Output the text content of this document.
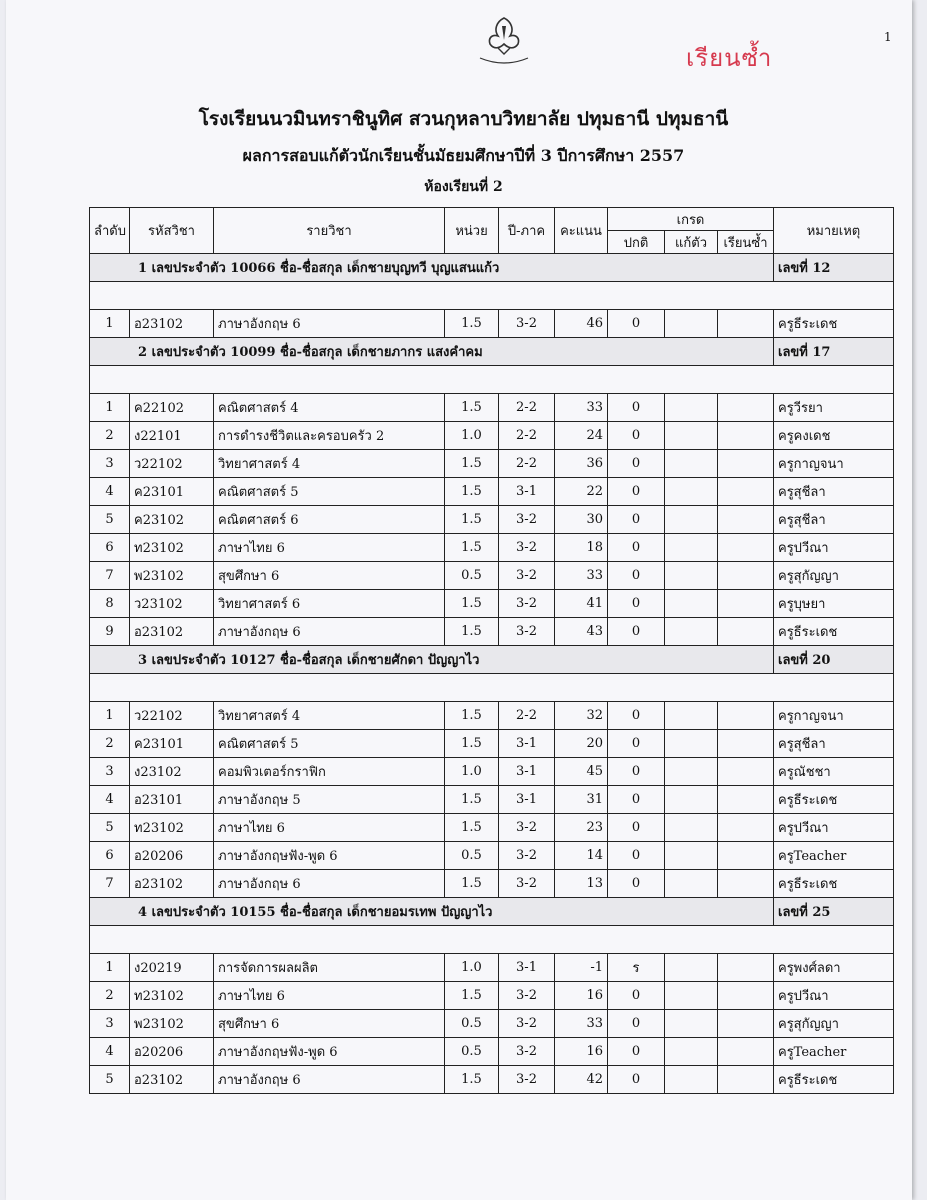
1
เรียนซ้ำ
โรงเรียนนวมินทราชินูทิศ สวนกุหลาบวิทยาลัย ปทุมธานี ปทุมธานี
ผลการสอบแก้ตัวนักเรียนชั้นมัธยมศึกษาปีที่ 3 ปีการศึกษา 2557
ห้องเรียนที่ 2
ลำดับ	รหัสวิชา	รายวิชา	หน่วย	ปี-ภาค	คะแนน	เกรด			หมายเหตุ
						ปกติ	แก้ตัว	เรียนซ้ำ	
1 เลขประจำตัว 10066 ชื่อ-ชื่อสกุล เด็กชายบุญทวี บุญแสนแก้ว									เลขที่ 12

1	อ23102	ภาษาอังกฤษ 6	1.5	3-2	46	0			ครูธีระเดช
2 เลขประจำตัว 10099 ชื่อ-ชื่อสกุล เด็กชายภากร แสงคำคม									เลขที่ 17

1	ค22102	คณิตศาสตร์ 4	1.5	2-2	33	0			ครูวีรยา
2	ง22101	การดำรงชีวิตและครอบครัว 2	1.0	2-2	24	0			ครูคงเดช
3	ว22102	วิทยาศาสตร์ 4	1.5	2-2	36	0			ครูกาญจนา
4	ค23101	คณิตศาสตร์ 5	1.5	3-1	22	0			ครูสุชีลา
5	ค23102	คณิตศาสตร์ 6	1.5	3-2	30	0			ครูสุชีลา
6	ท23102	ภาษาไทย 6	1.5	3-2	18	0			ครูปวีณา
7	พ23102	สุขศึกษา 6	0.5	3-2	33	0			ครูสุกัญญา
8	ว23102	วิทยาศาสตร์ 6	1.5	3-2	41	0			ครูบุษยา
9	อ23102	ภาษาอังกฤษ 6	1.5	3-2	43	0			ครูธีระเดช
3 เลขประจำตัว 10127 ชื่อ-ชื่อสกุล เด็กชายศักดา ปัญญาไว									เลขที่ 20

1	ว22102	วิทยาศาสตร์ 4	1.5	2-2	32	0			ครูกาญจนา
2	ค23101	คณิตศาสตร์ 5	1.5	3-1	20	0			ครูสุชีลา
3	ง23102	คอมพิวเตอร์กราฟิก	1.0	3-1	45	0			ครูณัชชา
4	อ23101	ภาษาอังกฤษ 5	1.5	3-1	31	0			ครูธีระเดช
5	ท23102	ภาษาไทย 6	1.5	3-2	23	0			ครูปวีณา
6	อ20206	ภาษาอังกฤษฟัง-พูด 6	0.5	3-2	14	0			ครูTeacher
7	อ23102	ภาษาอังกฤษ 6	1.5	3-2	13	0			ครูธีระเดช
4 เลขประจำตัว 10155 ชื่อ-ชื่อสกุล เด็กชายอมรเทพ ปัญญาไว									เลขที่ 25

1	ง20219	การจัดการผลผลิต	1.0	3-1	-1	ร			ครูพงศ์ลดา
2	ท23102	ภาษาไทย 6	1.5	3-2	16	0			ครูปวีณา
3	พ23102	สุขศึกษา 6	0.5	3-2	33	0			ครูสุกัญญา
4	อ20206	ภาษาอังกฤษฟัง-พูด 6	0.5	3-2	16	0			ครูTeacher
5	อ23102	ภาษาอังกฤษ 6	1.5	3-2	42	0			ครูธีระเดช
